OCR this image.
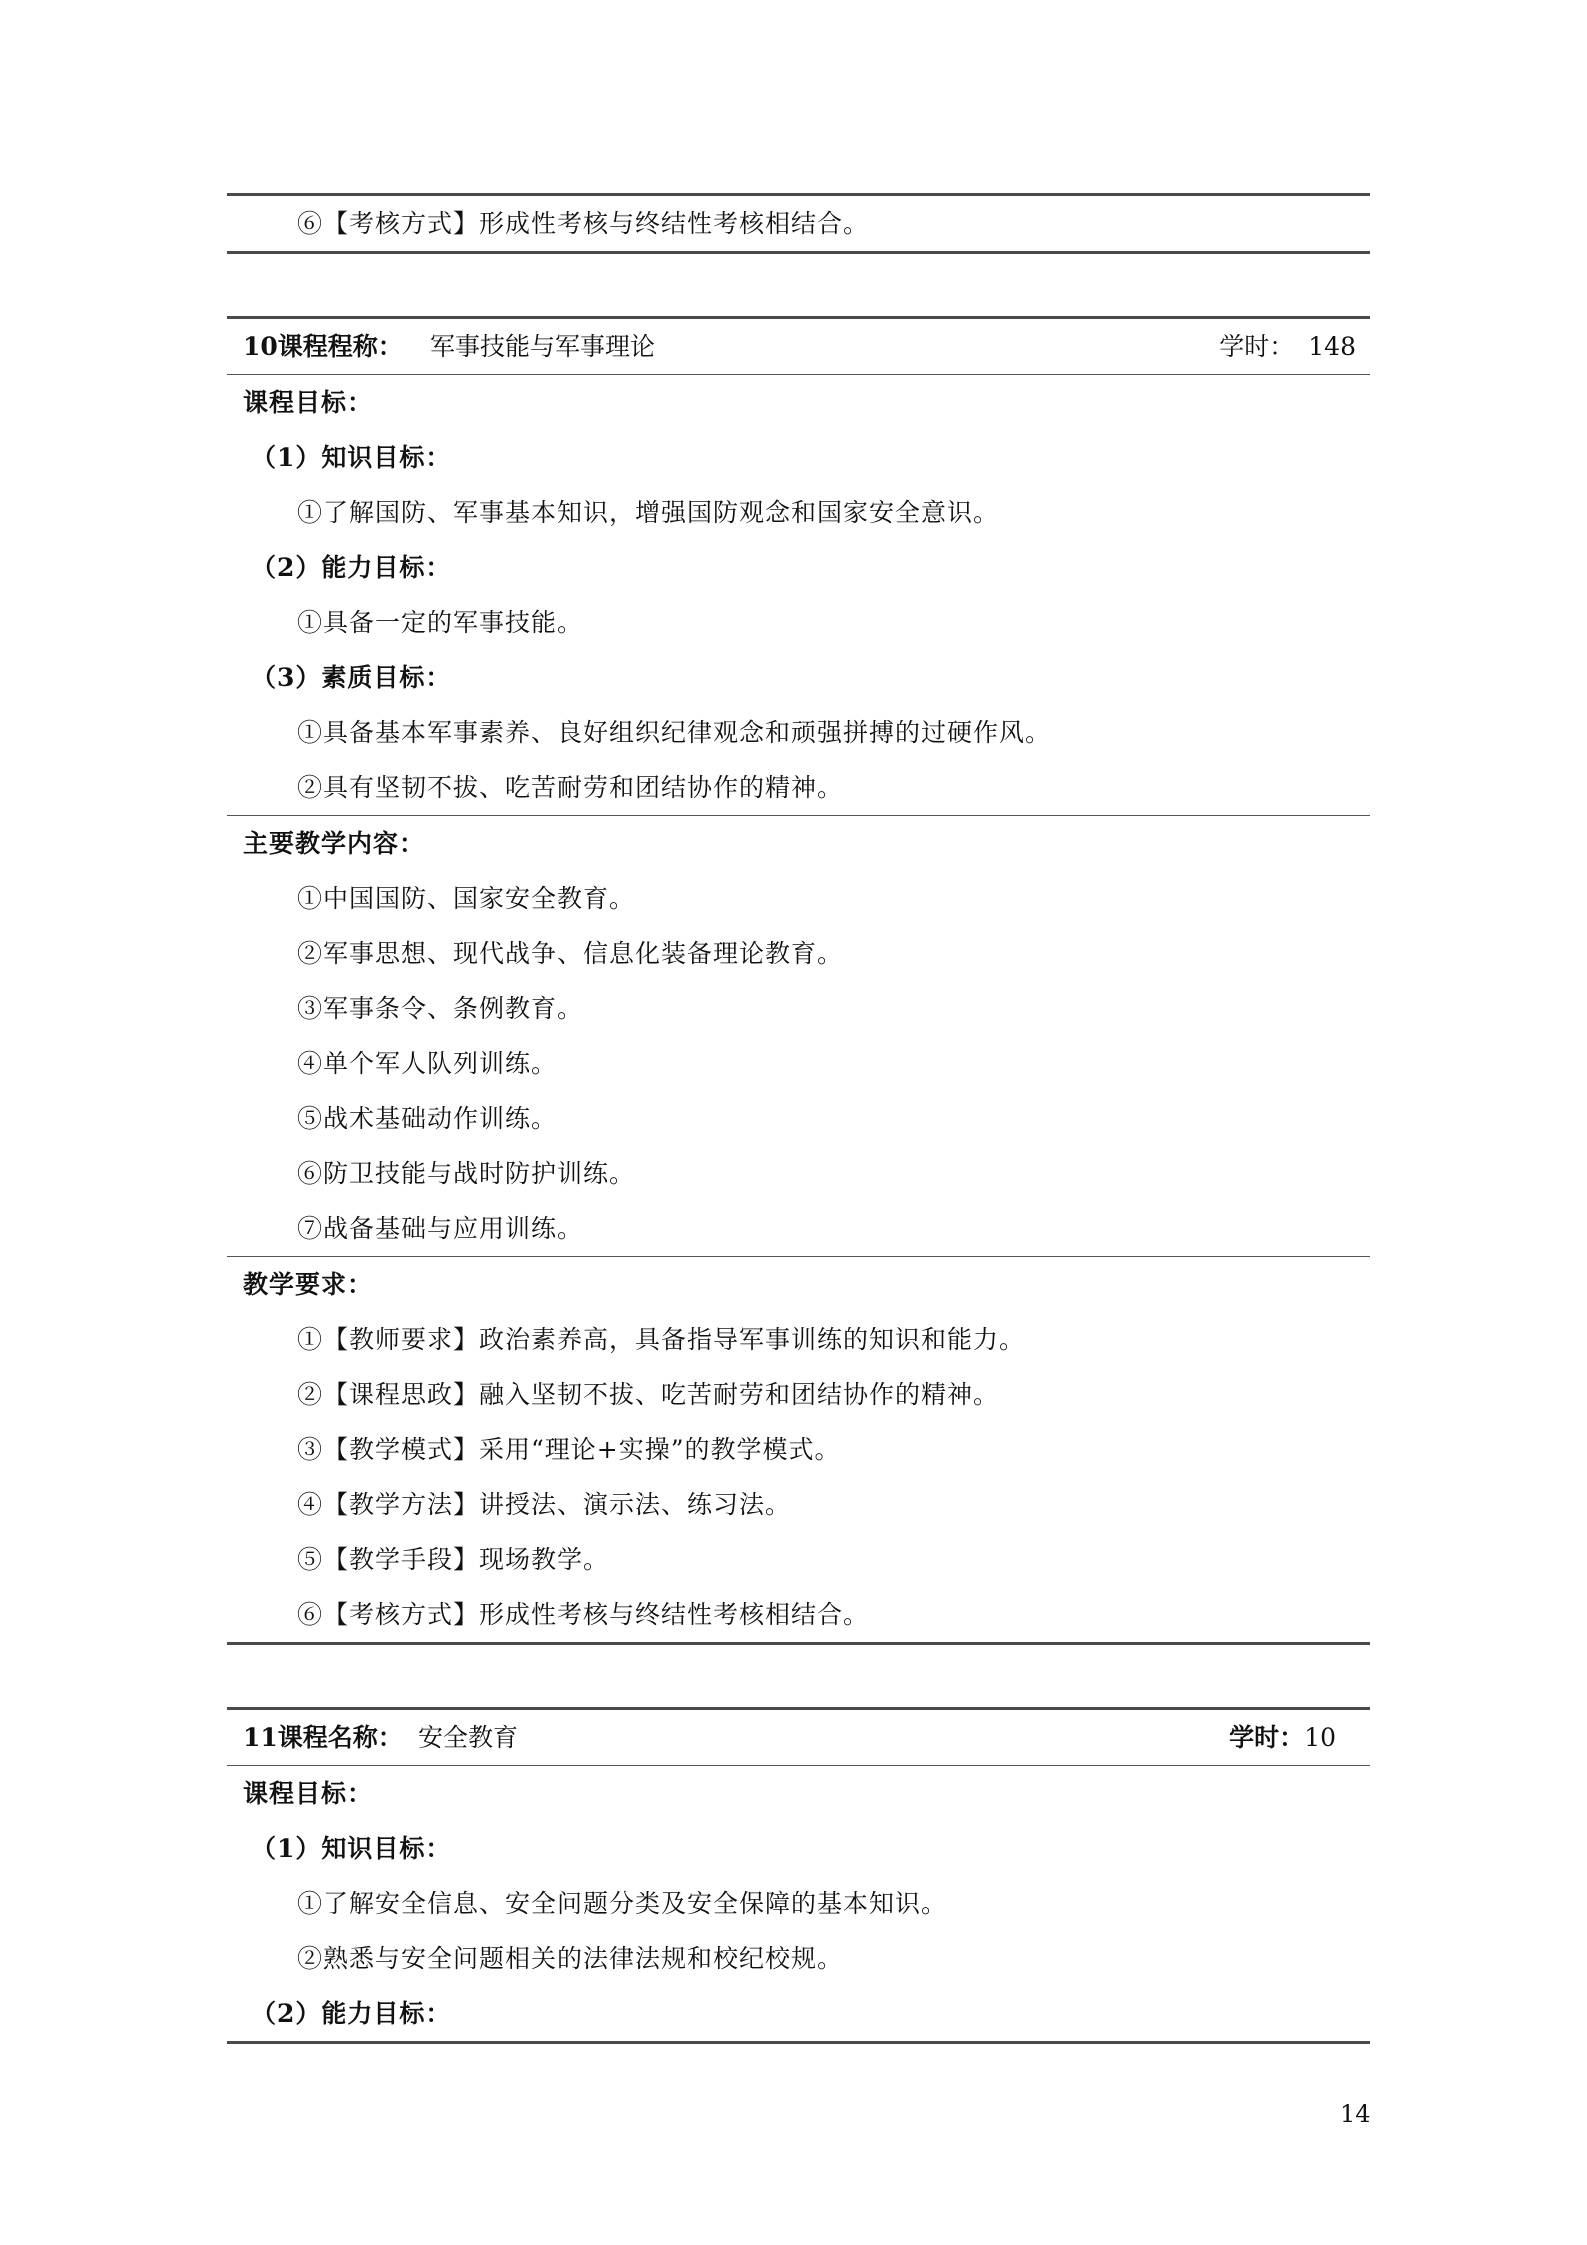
⑥【考核方式】形成性考核与终结性考核相结合。
10课程程称： 军事技能与军事理论	学时： 148
课程目标：
（1）知识目标：
①了解国防、军事基本知识，增强国防观念和国家安全意识。
（2）能力目标：
①具备一定的军事技能。
（3）素质目标：
①具备基本军事素养、良好组织纪律观念和顽强拼搏的过硬作风。
②具有坚韧不拔、吃苦耐劳和团结协作的精神。
主要教学内容：
①中国国防、国家安全教育。
②军事思想、现代战争、信息化装备理论教育。
③军事条令、条例教育。
④单个军人队列训练。
⑤战术基础动作训练。
⑥防卫技能与战时防护训练。
⑦战备基础与应用训练。
教学要求：
①【教师要求】政治素养高，具备指导军事训练的知识和能力。
②【课程思政】融入坚韧不拔、吃苦耐劳和团结协作的精神。
③【教学模式】采用“理论+实操”的教学模式。
④【教学方法】讲授法、演示法、练习法。
⑤【教学手段】现场教学。
⑥【考核方式】形成性考核与终结性考核相结合。
11课程名称： 安全教育	学时：10
课程目标：
（1）知识目标：
①了解安全信息、安全问题分类及安全保障的基本知识。
②熟悉与安全问题相关的法律法规和校纪校规。
（2）能力目标：
14
